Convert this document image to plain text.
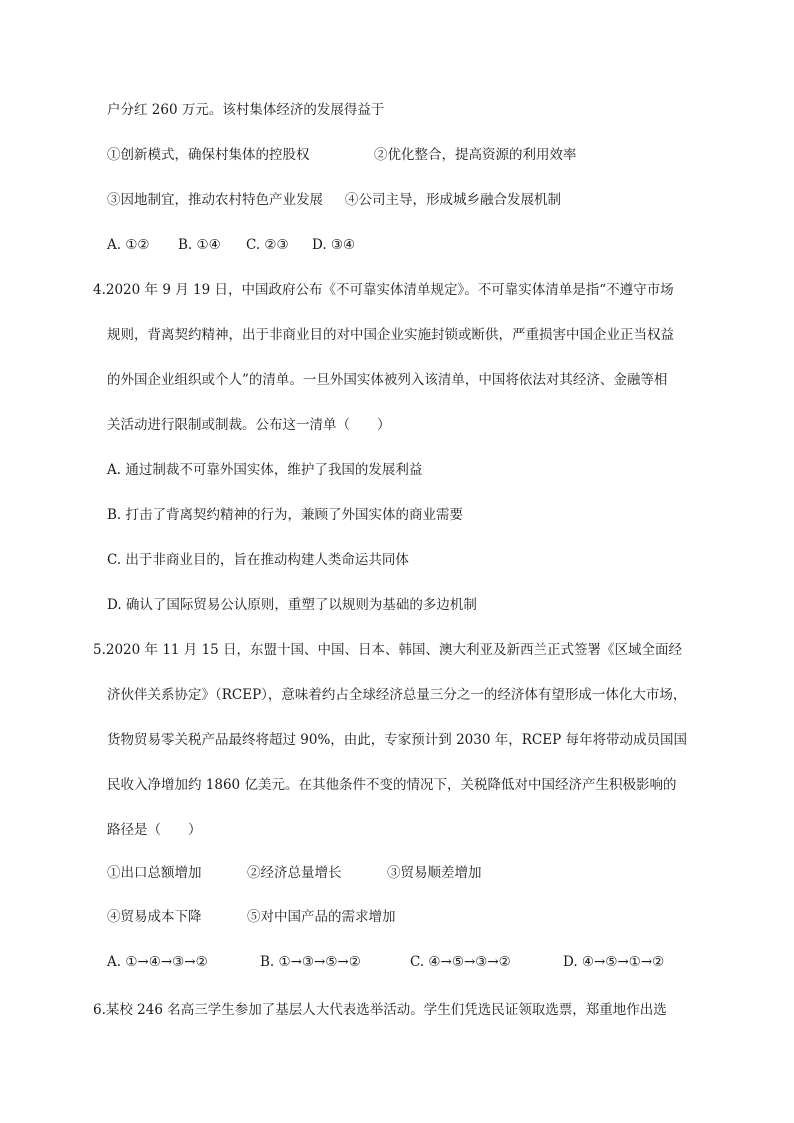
户分红 260 万元。该村集体经济的发展得益于
①创新模式，确保村集体的控股权	②优化整合，提高资源的利用效率
③因地制宜，推动农村特色产业发展 ④公司主导，形成城乡融合发展机制
A. ①② B. ①④ C. ②③ D. ③④
4.2020 年 9 月 19 日，中国政府公布《不可靠实体清单规定》。不可靠实体清单是指“不遵守市场
规则，背离契约精神，出于非商业目的对中国企业实施封锁或断供，严重损害中国企业正当权益
的外国企业组织或个人”的清单。一旦外国实体被列入该清单，中国将依法对其经济、金融等相
关活动进行限制或制裁。公布这一清单（　　）
A. 通过制裁不可靠外国实体，维护了我国的发展利益
B. 打击了背离契约精神的行为，兼顾了外国实体的商业需要
C. 出于非商业目的，旨在推动构建人类命运共同体
D. 确认了国际贸易公认原则，重塑了以规则为基础的多边机制
5.2020 年 11 月 15 日，东盟十国、中国、日本、韩国、澳大利亚及新西兰正式签署《区域全面经
济伙伴关系协定》（RCEP），意味着约占全球经济总量三分之一的经济体有望形成一体化大市场，
货物贸易零关税产品最终将超过 90%，由此，专家预计到 2030 年，RCEP 每年将带动成员国国
民收入净增加约 1860 亿美元。在其他条件不变的情况下，关税降低对中国经济产生积极影响的
路径是（　　）
①出口总额增加	②经济总量增长	③贸易顺差增加
④贸易成本下降	⑤对中国产品的需求增加
A. ①→④→③→②	B. ①→③→⑤→②	C. ④→⑤→③→②	D. ④→⑤→①→②
6.某校 246 名高三学生参加了基层人大代表选举活动。学生们凭选民证领取选票，郑重地作出选
